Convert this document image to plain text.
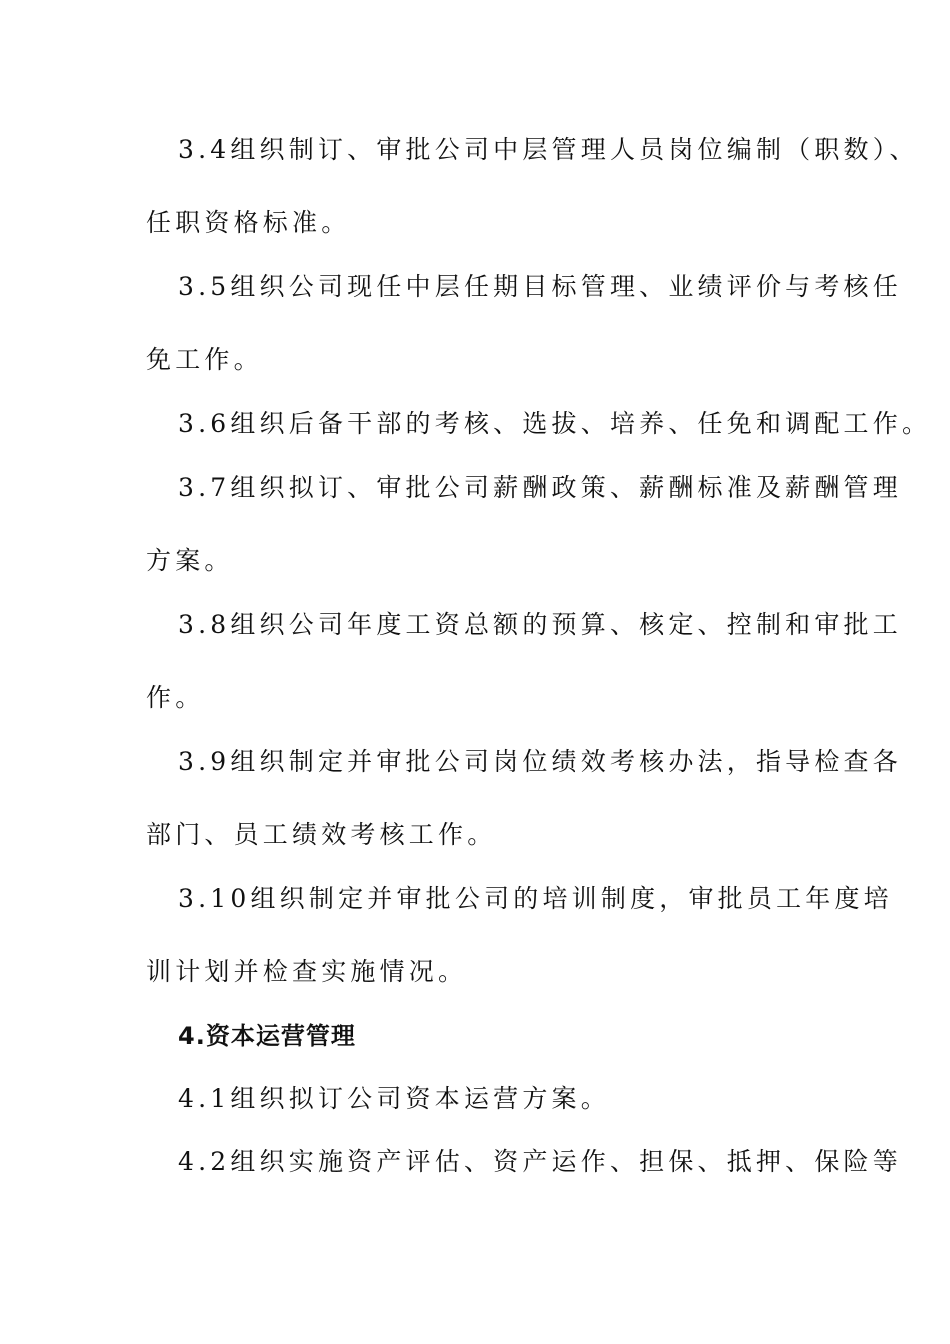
3.4组织制订、审批公司中层管理人员岗位编制（职数）、
任职资格标准。
3.5组织公司现任中层任期目标管理、业绩评价与考核任
免工作。
3.6组织后备干部的考核、选拔、培养、任免和调配工作。
3.7组织拟订、审批公司薪酬政策、薪酬标准及薪酬管理
方案。
3.8组织公司年度工资总额的预算、核定、控制和审批工
作。
3.9组织制定并审批公司岗位绩效考核办法，指导检查各
部门、员工绩效考核工作。
3.10组织制定并审批公司的培训制度，审批员工年度培
训计划并检查实施情况。
4.资本运营管理
4.1组织拟订公司资本运营方案。
4.2组织实施资产评估、资产运作、担保、抵押、保险等
